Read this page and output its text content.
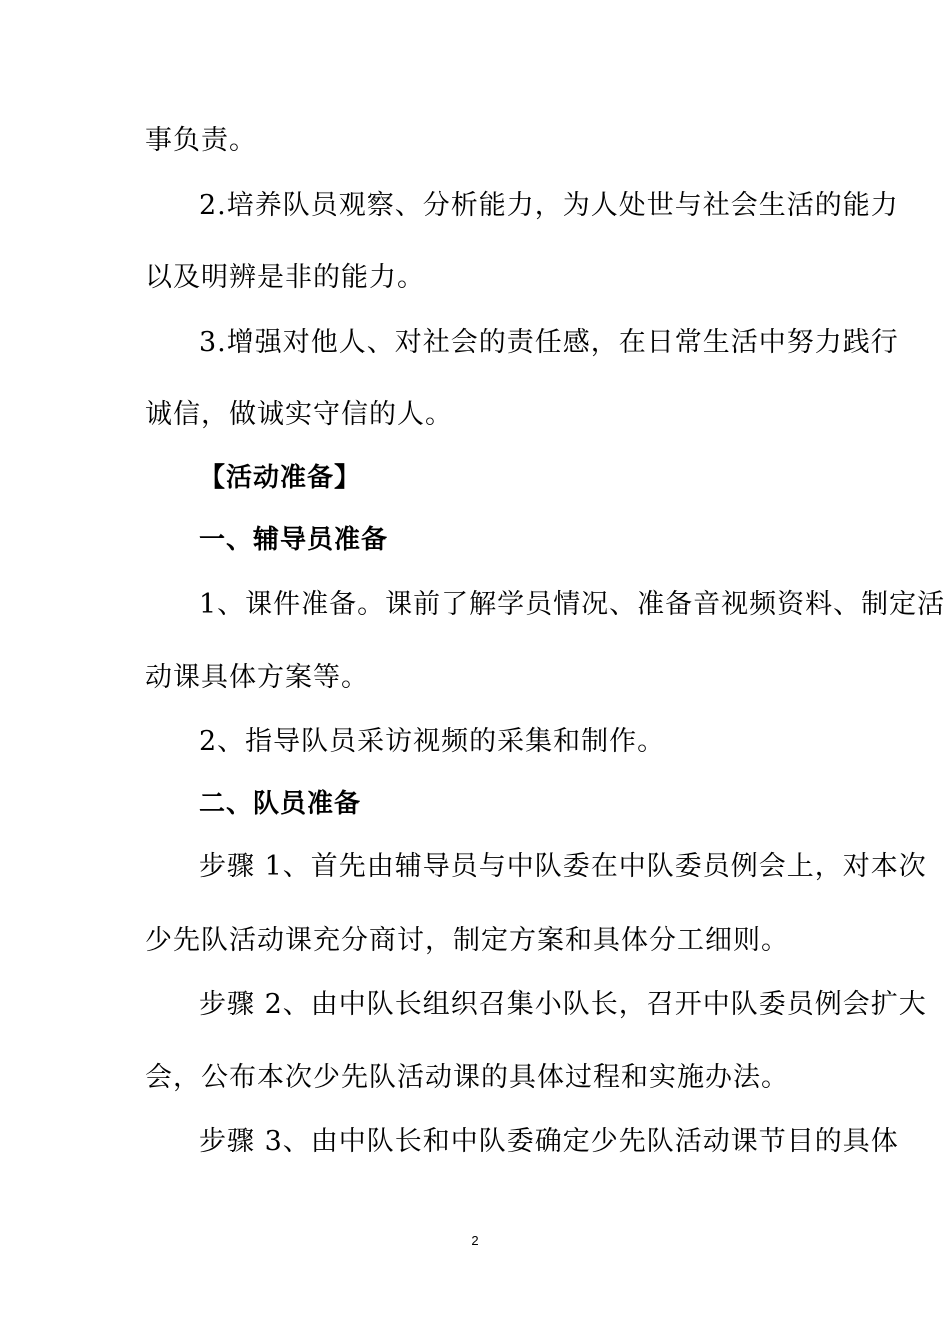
事负责。
2.培养队员观察、分析能力，为人处世与社会生活的能力
以及明辨是非的能力。
3.增强对他人、对社会的责任感，在日常生活中努力践行
诚信，做诚实守信的人。
【活动准备】
一、辅导员准备
1、课件准备。课前了解学员情况、准备音视频资料、制定活
动课具体方案等。
2、指导队员采访视频的采集和制作。
二、队员准备
步骤 1、首先由辅导员与中队委在中队委员例会上，对本次
少先队活动课充分商讨，制定方案和具体分工细则。
步骤 2、由中队长组织召集小队长，召开中队委员例会扩大
会，公布本次少先队活动课的具体过程和实施办法。
步骤 3、由中队长和中队委确定少先队活动课节目的具体
2
